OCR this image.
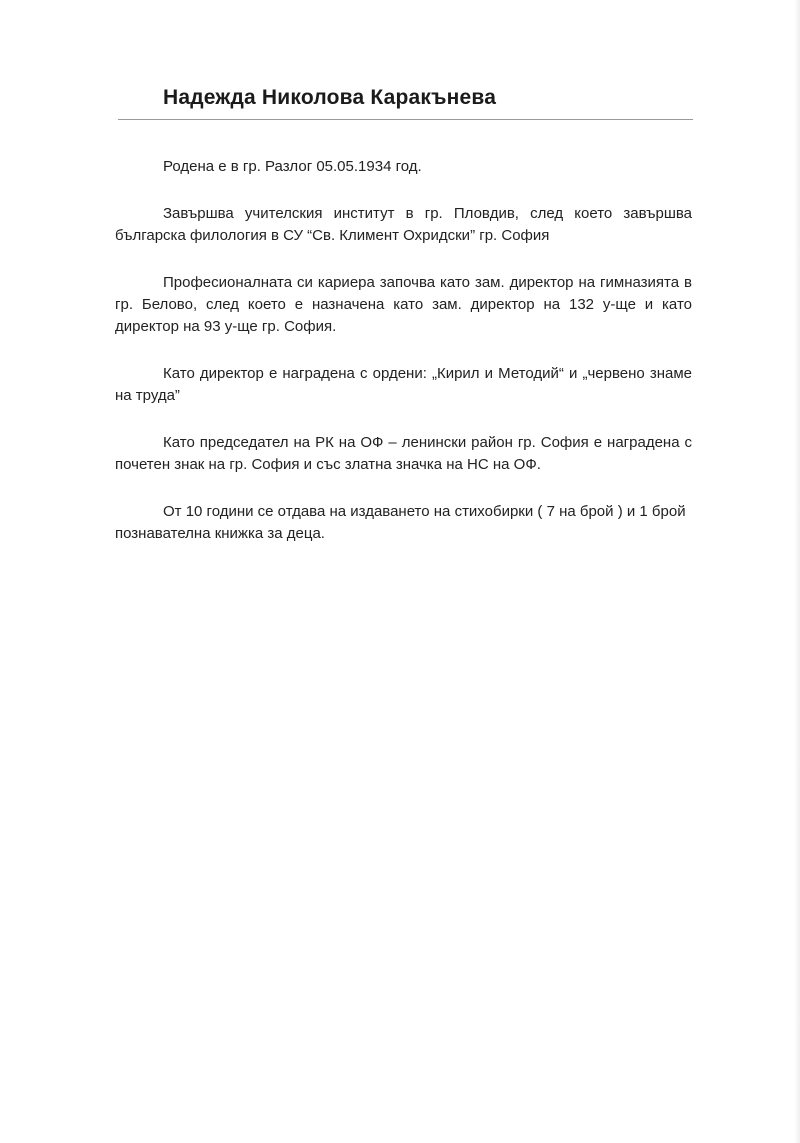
Надежда Николова Каракънева

Родена е в гр. Разлог 05.05.1934 год.

Завършва учителския институт в гр. Пловдив, след което завършва българска филология в СУ “Св. Климент Охридски” гр. София

Професионалната си кариера започва като зам. директор на гимназията в гр. Белово, след което е назначена като зам. директор на 132 у-ще и като директор на 93 у-ще гр. София.

Като директор е наградена с ордени: „Кирил и Методий“ и „червено знаме на труда”

Като председател на РК на ОФ – ленински район гр. София е наградена с почетен знак на гр. София и със златна значка на НС на ОФ.

От 10 години се отдава на издаването на стихобирки ( 7 на брой ) и 1 брой познавателна книжка за деца.
